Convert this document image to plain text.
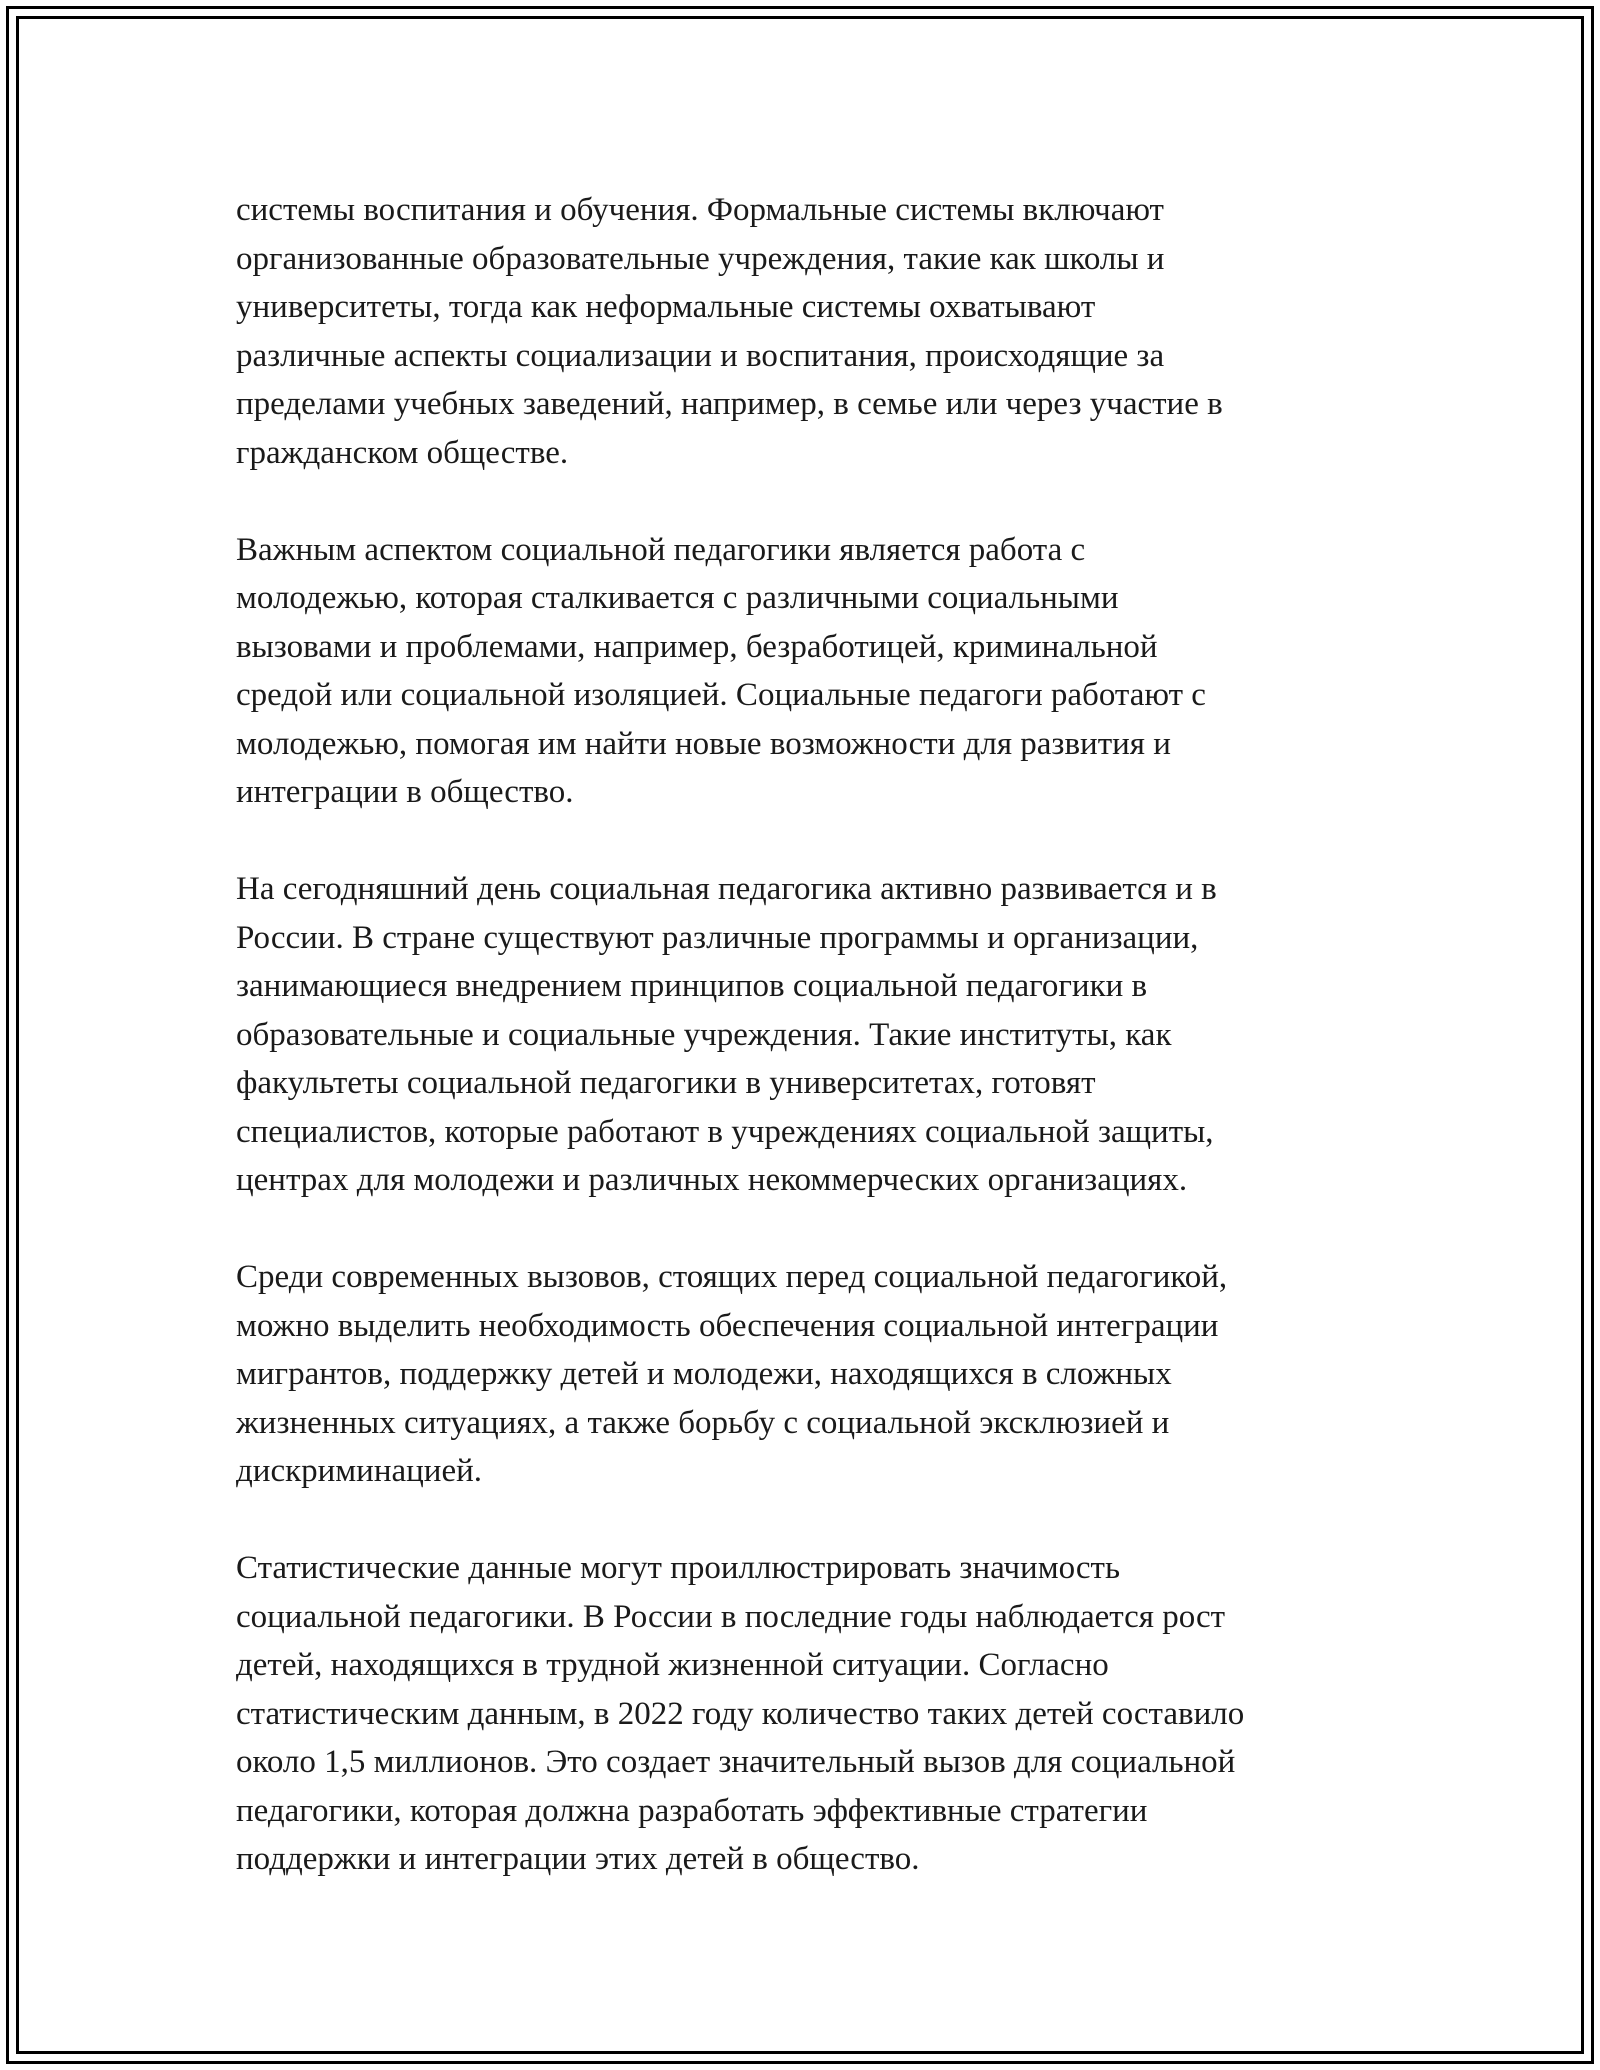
системы воспитания и обучения. Формальные системы включают
организованные образовательные учреждения, такие как школы и
университеты, тогда как неформальные системы охватывают
различные аспекты социализации и воспитания, происходящие за
пределами учебных заведений, например, в семье или через участие в
гражданском обществе.

Важным аспектом социальной педагогики является работа с
молодежью, которая сталкивается с различными социальными
вызовами и проблемами, например, безработицей, криминальной
средой или социальной изоляцией. Социальные педагоги работают с
молодежью, помогая им найти новые возможности для развития и
интеграции в общество.

На сегодняшний день социальная педагогика активно развивается и в
России. В стране существуют различные программы и организации,
занимающиеся внедрением принципов социальной педагогики в
образовательные и социальные учреждения. Такие институты, как
факультеты социальной педагогики в университетах, готовят
специалистов, которые работают в учреждениях социальной защиты,
центрах для молодежи и различных некоммерческих организациях.

Среди современных вызовов, стоящих перед социальной педагогикой,
можно выделить необходимость обеспечения социальной интеграции
мигрантов, поддержку детей и молодежи, находящихся в сложных
жизненных ситуациях, а также борьбу с социальной эксклюзией и
дискриминацией.

Статистические данные могут проиллюстрировать значимость
социальной педагогики. В России в последние годы наблюдается рост
детей, находящихся в трудной жизненной ситуации. Согласно
статистическим данным, в 2022 году количество таких детей составило
около 1,5 миллионов. Это создает значительный вызов для социальной
педагогики, которая должна разработать эффективные стратегии
поддержки и интеграции этих детей в общество.
